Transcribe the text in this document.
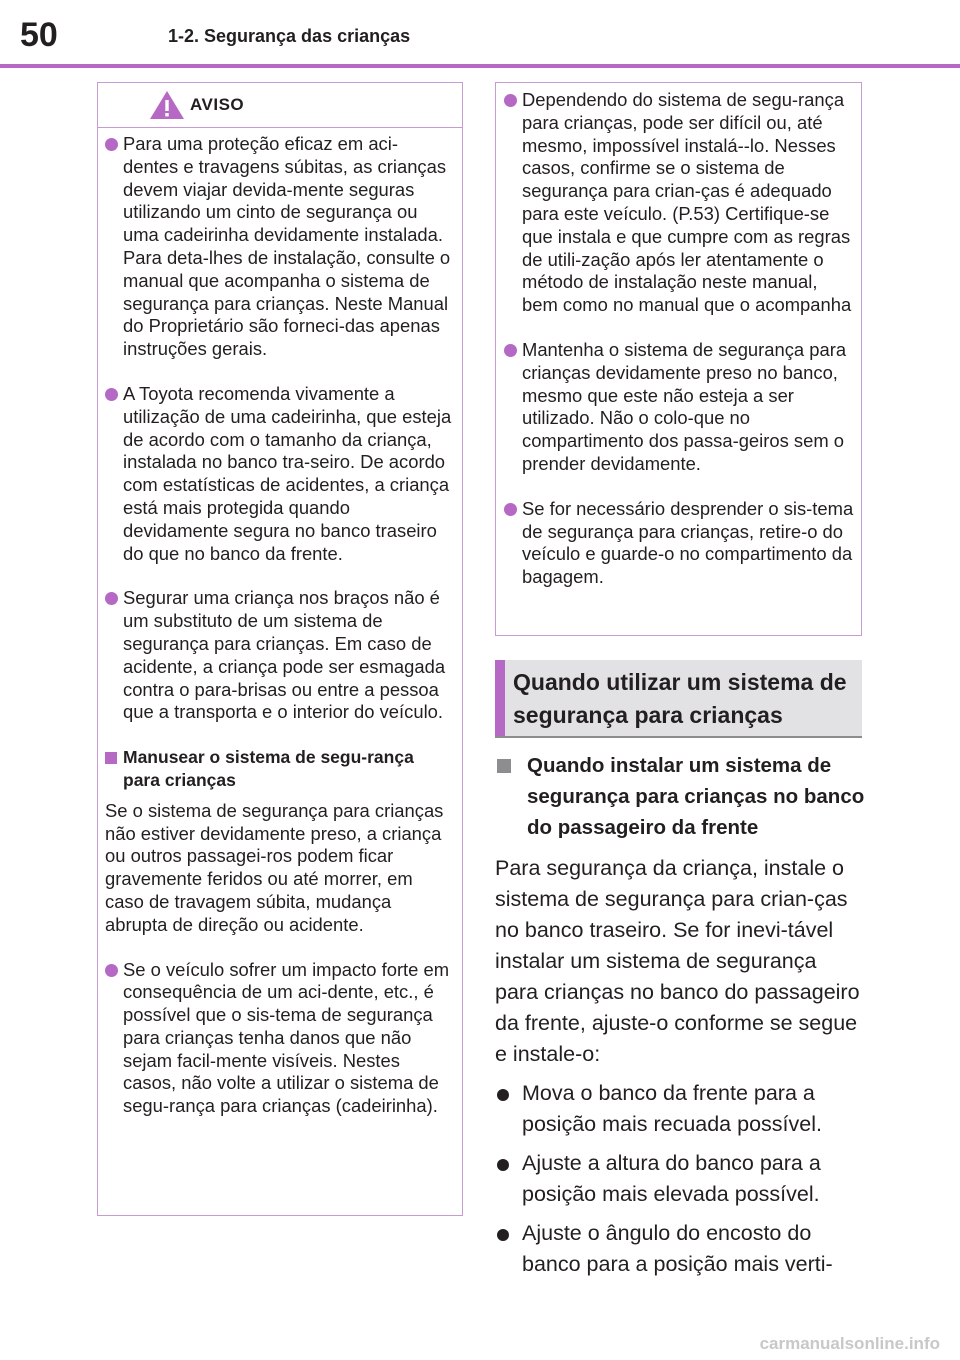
50	1-2. Segurança das crianças
AVISO
Para uma proteção eficaz em aci-dentes e travagens súbitas, as crianças devem viajar devida-mente seguras utilizando um cinto de segurança ou uma cadeirinha devidamente instalada. Para deta-lhes de instalação, consulte o manual que acompanha o sistema de segurança para crianças. Neste Manual do Proprietário são forneci-das apenas instruções gerais.
A Toyota recomenda vivamente a utilização de uma cadeirinha, que esteja de acordo com o tamanho da criança, instalada no banco tra-seiro. De acordo com estatísticas de acidentes, a criança está mais protegida quando devidamente segura no banco traseiro do que no banco da frente.
Segurar uma criança nos braços não é um substituto de um sistema de segurança para crianças. Em caso de acidente, a criança pode ser esmagada contra o para-brisas ou entre a pessoa que a transporta e o interior do veículo.
Manusear o sistema de segu-rança para crianças
Se o sistema de segurança para crianças não estiver devidamente preso, a criança ou outros passagei-ros podem ficar gravemente feridos ou até morrer, em caso de travagem súbita, mudança abrupta de direção ou acidente.
Se o veículo sofrer um impacto forte em consequência de um aci-dente, etc., é possível que o sis-tema de segurança para crianças tenha danos que não sejam facil-mente visíveis. Nestes casos, não volte a utilizar o sistema de segu-rança para crianças (cadeirinha).
Dependendo do sistema de segu-rança para crianças, pode ser difícil ou, até mesmo, impossível instalá--lo. Nesses casos, confirme se o sistema de segurança para crian-ças é adequado para este veículo. (P.53) Certifique-se que instala e que cumpre com as regras de utili-zação após ler atentamente o método de instalação neste manual, bem como no manual que o acompanha
Mantenha o sistema de segurança para crianças devidamente preso no banco, mesmo que este não esteja a ser utilizado. Não o colo-que no compartimento dos passa-geiros sem o prender devidamente.
Se for necessário desprender o sis-tema de segurança para crianças, retire-o do veículo e guarde-o no compartimento da bagagem.
Quando utilizar um sistema de segurança para crianças
Quando instalar um sistema de segurança para crianças no banco do passageiro da frente
Para segurança da criança, instale o sistema de segurança para crian-ças no banco traseiro. Se for inevi-tável instalar um sistema de segurança para crianças no banco do passageiro da frente, ajuste-o conforme se segue e instale-o:
Mova o banco da frente para a posição mais recuada possível.
Ajuste a altura do banco para a posição mais elevada possível.
Ajuste o ângulo do encosto do banco para a posição mais verti-
carmanualsonline.info
